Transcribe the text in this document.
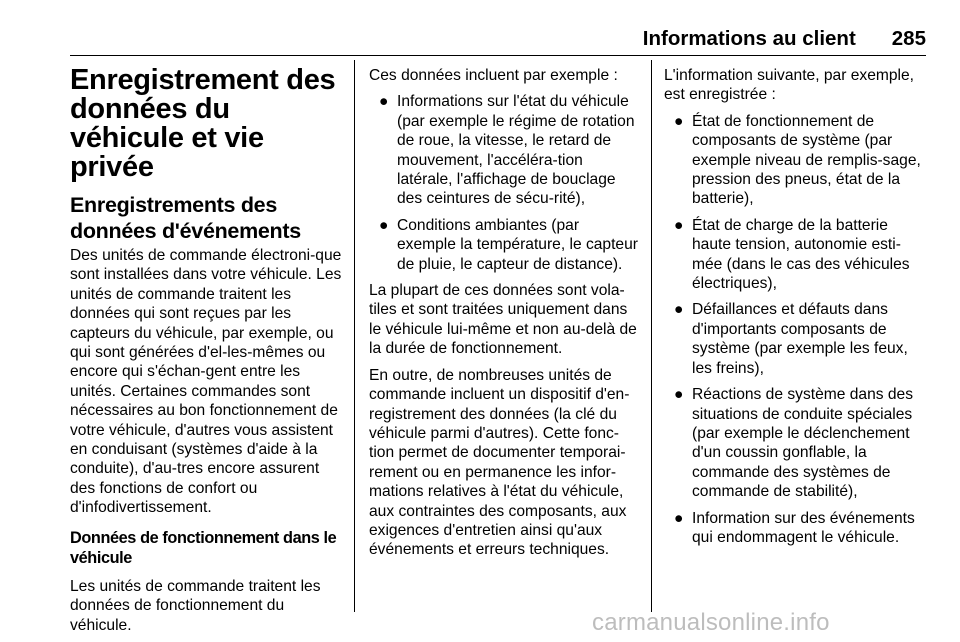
Informations au client 285
Enregistrement des données du véhicule et vie privée
Enregistrements des données d'événements

Des unités de commande électroni-que sont installées dans votre véhicule. Les unités de commande traitent les données qui sont reçues par les capteurs du véhicule, par exemple, ou qui sont générées d'el-les-mêmes ou encore qui s'échan-gent entre les unités. Certaines commandes sont nécessaires au bon fonctionnement de votre véhicule, d'autres vous assistent en conduisant (systèmes d'aide à la conduite), d'au-tres encore assurent des fonctions de confort ou d'infodivertissement.

Données de fonctionnement dans le véhicule

Les unités de commande traitent les données de fonctionnement du véhicule.

Ces données incluent par exemple :

● Informations sur l'état du véhicule (par exemple le régime de rotation de roue, la vitesse, le retard de mouvement, l'accéléra-tion latérale, l'affichage de bouclage des ceintures de sécu-rité),
● Conditions ambiantes (par exemple la température, le capteur de pluie, le capteur de distance).

La plupart de ces données sont vola-tiles et sont traitées uniquement dans le véhicule lui-même et non au-delà de la durée de fonctionnement.

En outre, de nombreuses unités de commande incluent un dispositif d'en-registrement des données (la clé du véhicule parmi d'autres). Cette fonc-tion permet de documenter temporai-rement ou en permanence les infor-mations relatives à l'état du véhicule, aux contraintes des composants, aux exigences d'entretien ainsi qu'aux événements et erreurs techniques.

L'information suivante, par exemple, est enregistrée :

● État de fonctionnement de composants de système (par exemple niveau de remplis-sage, pression des pneus, état de la batterie),
● État de charge de la batterie haute tension, autonomie esti-mée (dans le cas des véhicules électriques),
● Défaillances et défauts dans d'importants composants de système (par exemple les feux, les freins),
● Réactions de système dans des situations de conduite spéciales (par exemple le déclenchement d'un coussin gonflable, la commande des systèmes de commande de stabilité),
● Information sur des événements qui endommagent le véhicule.
carmanualsonline.info
